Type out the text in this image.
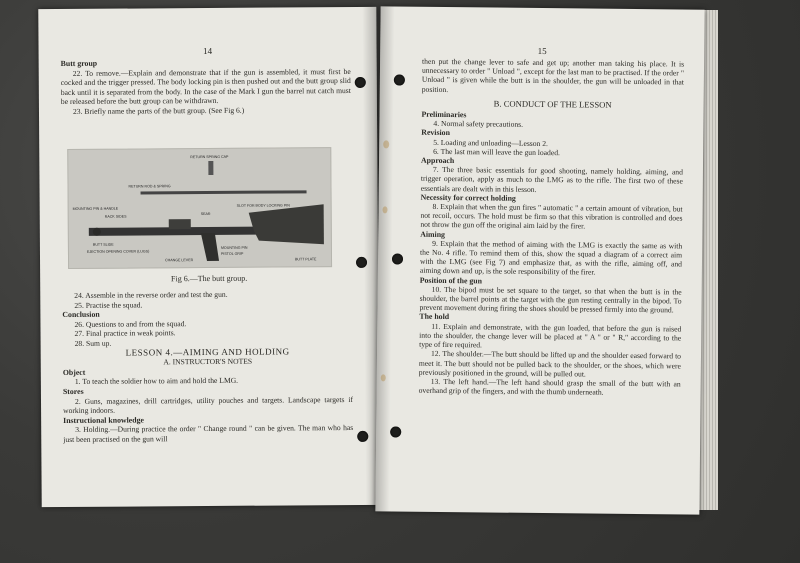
14

Butt group

22. To remove.—Explain and demonstrate that if the gun is assembled, it must first be cocked and the trigger pressed. The body locking pin is then pushed out and the butt group slid back until it is separated from the body. In the case of the Mark I gun the barrel nut catch must be released before the butt group can be withdrawn.

23. Briefly name the parts of the butt group. (See Fig 6.)

RETURN SPRING CAP
RETURN ROD & SPRING
SLOT FOR BODY LOCKING PIN
MOUNTING PIN & HANDLE
SEAR
RACK SIDES
BUTT SLIDE
EJECTION OPENING COVER (LUGS)
MOUNTING PIN
PISTOL GRIP
CHANGE LEVER	BUTT PLATE
Fig 6.—The butt group.

24. Assemble in the reverse order and test the gun.

25. Practise the squad.

Conclusion

26. Questions to and from the squad.

27. Final practice in weak points.

28. Sum up.

LESSON 4.—AIMING AND HOLDING

A. INSTRUCTOR'S NOTES

Object

1. To teach the soldier how to aim and hold the LMG.

Stores

2. Guns, magazines, drill cartridges, utility pouches and targets. Landscape targets if working indoors.

Instructional knowledge

3. Holding.—During practice the order " Change round " can be given. The man who has just been practised on the gun will

15

then put the change lever to safe and get up; another man taking his place. It is unnecessary to order " Unload ", except for the last man to be practised. If the order " Unload " is given while the butt is in the shoulder, the gun will be unloaded in that position.

B. CONDUCT OF THE LESSON

Preliminaries

4. Normal safety precautions.

Revision

5. Loading and unloading—Lesson 2.

6. The last man will leave the gun loaded.

Approach

7. The three basic essentials for good shooting, namely holding, aiming, and trigger operation, apply as much to the LMG as to the rifle. The first two of these essentials are dealt with in this lesson.

Necessity for correct holding

8. Explain that when the gun fires " automatic " a certain amount of vibration, but not recoil, occurs. The hold must be firm so that this vibration is controlled and does not throw the gun off the original aim laid by the firer.

Aiming

9. Explain that the method of aiming with the LMG is exactly the same as with the No. 4 rifle. To remind them of this, show the squad a diagram of a correct aim with the LMG (see Fig 7) and emphasize that, as with the rifle, aiming off, and aiming down and up, is the sole responsibility of the firer.

Position of the gun

10. The bipod must be set square to the target, so that when the butt is in the shoulder, the barrel points at the target with the gun resting centrally in the bipod. To prevent movement during firing the shoes should be pressed firmly into the ground.

The hold

11. Explain and demonstrate, with the gun loaded, that before the gun is raised into the shoulder, the change lever will be placed at " A " or " R," according to the type of fire required.

12. The shoulder.—The butt should be lifted up and the shoulder eased forward to meet it. The butt should not be pulled back to the shoulder, or the shoes, which were previously positioned in the ground, will be pulled out.

13. The left hand.—The left hand should grasp the small of the butt with an overhand grip of the fingers, and with the thumb underneath.
